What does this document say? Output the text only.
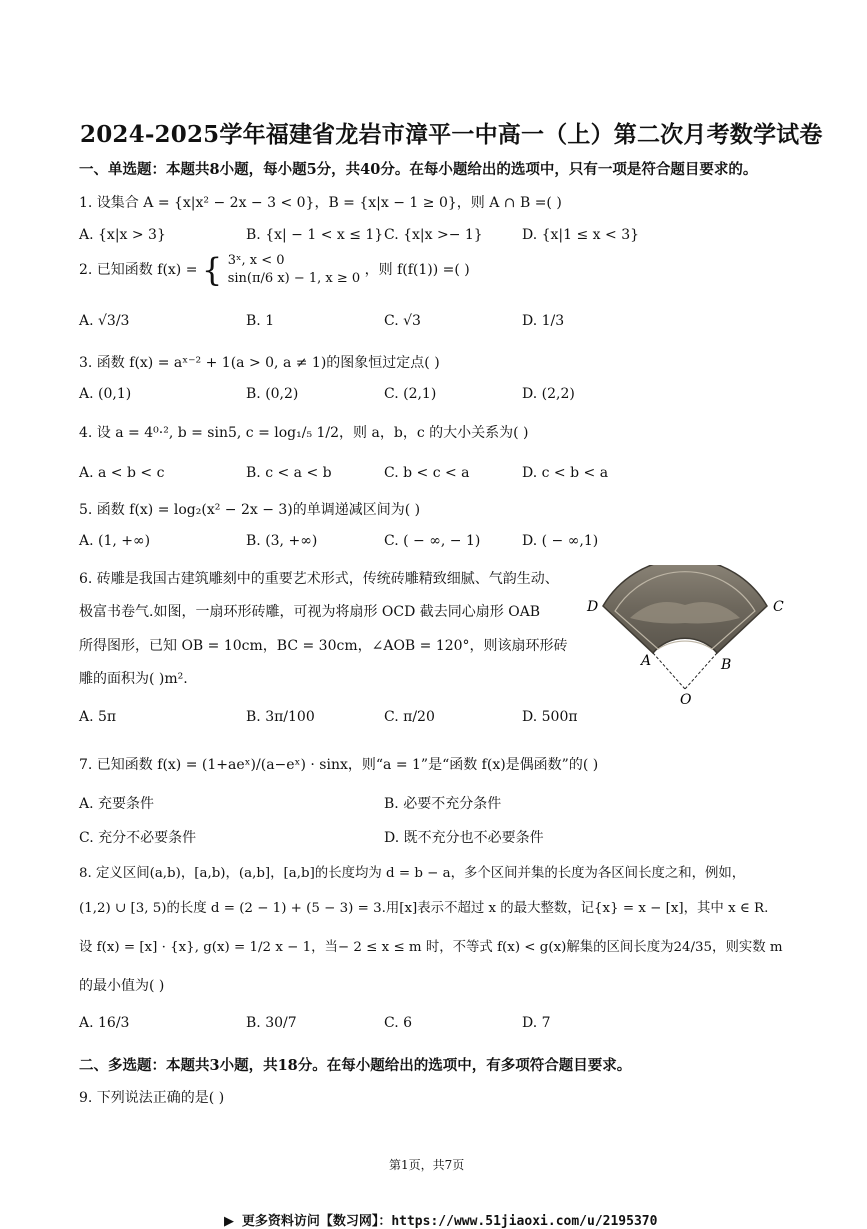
2024-2025学年福建省龙岩市漳平一中高一（上）第二次月考数学试卷
一、单选题：本题共8小题，每小题5分，共40分。在每小题给出的选项中，只有一项是符合题目要求的。
1. 设集合 A = {x|x² − 2x − 3 < 0}，B = {x|x − 1 ≥ 0}，则 A ∩ B =( )
A. {x|x > 3}	B. {x| − 1 < x ≤ 1} C. {x|x >− 1}	D. {x|1 ≤ x < 3}
2. 已知函数 f(x) = { 3ˣ, x < 0
sin(π/6 x) − 1, x ≥ 0
，则 f(f(1)) =( )
A. √3/3	B. 1	C. √3	D. 1/3
3. 函数 f(x) = aˣ⁻² + 1(a > 0, a ≠ 1)的图象恒过定点( )
A. (0,1)	B. (0,2)	C. (2,1)	D. (2,2)
4. 设 a = 4⁰·², b = sin5, c = log₁/₅ 1/2，则 a，b，c 的大小关系为( )
A. a < b < c	B. c < a < b	C. b < c < a	D. c < b < a
5. 函数 f(x) = log₂(x² − 2x − 3)的单调递减区间为( )
A. (1, +∞)	B. (3, +∞)	C. ( − ∞, − 1)	D. ( − ∞,1)
6. 砖雕是我国古建筑雕刻中的重要艺术形式，传统砖雕精致细腻、气韵生动、
极富书卷气.如图，一扇环形砖雕，可视为将扇形 OCD 截去同心扇形 OAB
所得图形，已知 OB = 10cm，BC = 30cm，∠AOB = 120°，则该扇环形砖
雕的面积为( )m².
D	C
A	B
O
A. 5π	B. 3π/100	C. π/20	D. 500π
7. 已知函数 f(x) = (1+aeˣ)/(a−eˣ) · sinx，则“a = 1”是“函数 f(x)是偶函数”的( )
A. 充要条件	B. 必要不充分条件
C. 充分不必要条件	D. 既不充分也不必要条件
8. 定义区间(a,b)，[a,b)，(a,b]，[a,b]的长度均为 d = b − a，多个区间并集的长度为各区间长度之和，例如，
(1,2) ∪ [3, 5)的长度 d = (2 − 1) + (5 − 3) = 3.用[x]表示不超过 x 的最大整数，记{x} = x − [x]，其中 x ∈ R.
设 f(x) = [x] · {x}, g(x) = 1/2 x − 1，当− 2 ≤ x ≤ m 时，不等式 f(x) < g(x)解集的区间长度为24/35，则实数 m
的最小值为( )
A. 16/3	B. 30/7	C. 6	D. 7
二、多选题：本题共3小题，共18分。在每小题给出的选项中，有多项符合题目要求。
9. 下列说法正确的是( )
第1页，共7页
▶ 更多资料访问【数习网】：https://www.51jiaoxi.com/u/2195370
